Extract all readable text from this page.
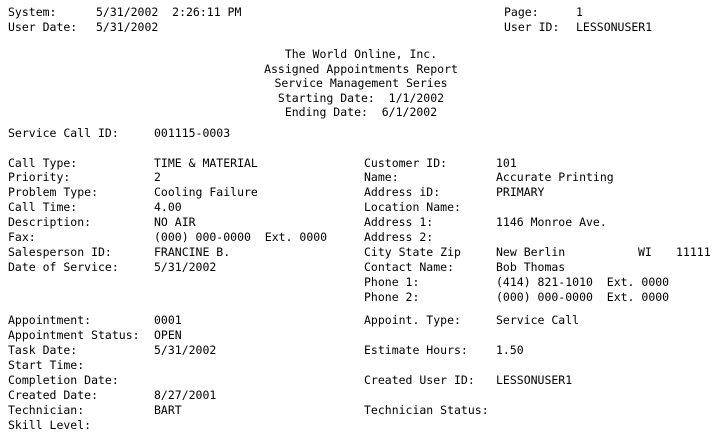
System:	5/31/2002  2:26:11 PM	Page:	1
User Date: 5/31/2002	User ID: LESSONUSER1
The World Online, Inc.
Assigned Appointments Report
Service Management Series
Starting Date:  1/1/2002
Ending Date:  6/1/2002
Service Call ID:	001115-0003
Call Type:	TIME & MATERIAL
Priority:	2
Problem Type:	Cooling Failure
Call Time:	4.00
Description:	NO AIR
Fax:	(000) 000-0000  Ext. 0000
Salesperson ID:	FRANCINE B.
Date of Service:	5/31/2002
Customer ID:	101
Name:	Accurate Printing
Address iD:	PRIMARY
Location Name:
Address 1:	1146 Monroe Ave.
Address 2:
City State Zip	New Berlin	WI 11111
Contact Name:	Bob Thomas
Phone 1:	(414) 821-1010  Ext. 0000
Phone 2:	(000) 000-0000  Ext. 0000
Appointment:	0001
Appointment Status: OPEN
Task Date:	5/31/2002
Start Time:
Completion Date:
Created Date:	8/27/2001
Technician:	BART
Skill Level:
Appoint. Type:	Service Call
Estimate Hours: 1.50
Created User ID: LESSONUSER1
Technician Status:
